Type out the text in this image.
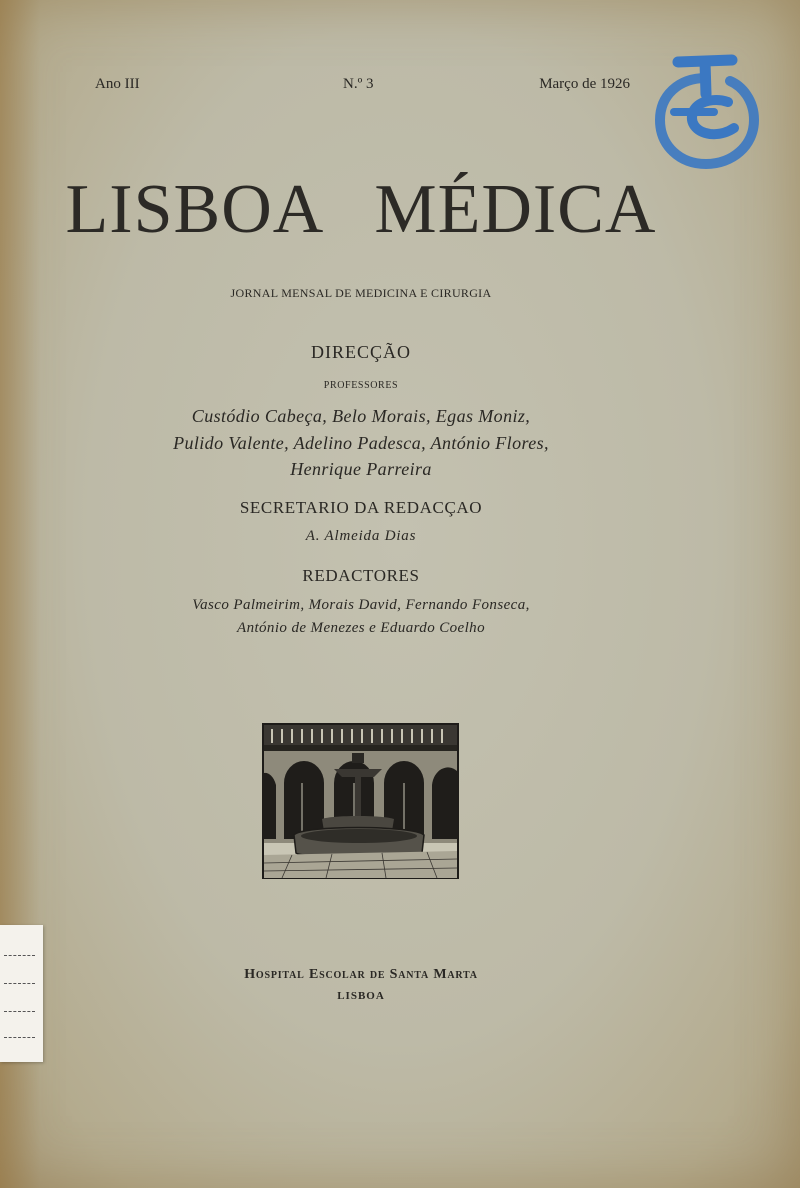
Ano III	N.º 3	Março de 1926
LISBOA MÉDICA
JORNAL MENSAL DE MEDICINA E CIRURGIA
DIRECÇÃO
PROFESSORES
Custódio Cabeça, Belo Morais, Egas Moniz,
Pulido Valente, Adelino Padesca, António Flores,
Henrique Parreira
SECRETARIO DA REDACÇAO
A. Almeida Dias
REDACTORES
Vasco Palmeirim, Morais David, Fernando Fonseca,
António de Menezes e Eduardo Coelho
Hospital Escolar de Santa Marta
LISBOA
